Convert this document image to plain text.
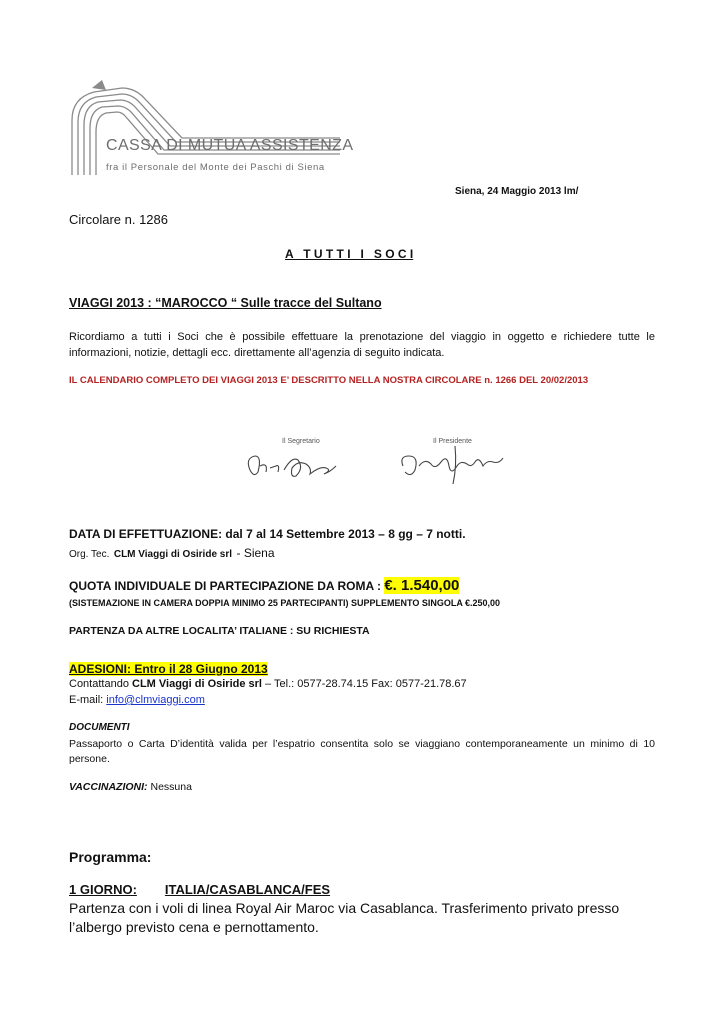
CASSA DI MUTUA ASSISTENZA
fra il Personale del Monte dei Paschi di Siena
Siena, 24 Maggio 2013 lm/
Circolare n. 1286
A   T U T T I   I   S O C I
VIAGGI 2013 : “MAROCCO “ Sulle tracce del Sultano
Ricordiamo a tutti i Soci che è possibile effettuare la prenotazione del viaggio in oggetto e richiedere tutte le informazioni, notizie, dettagli ecc. direttamente all’agenzia di seguito indicata.
IL CALENDARIO COMPLETO DEI VIAGGI 2013 E’ DESCRITTO NELLA NOSTRA CIRCOLARE n. 1266 DEL 20/02/2013
Il Segretario	Il Presidente
DATA DI EFFETTUAZIONE: dal 7 al 14 Settembre 2013 – 8 gg – 7 notti.
Org. Tec. CLM Viaggi di Osiride srl - Siena
QUOTA INDIVIDUALE DI PARTECIPAZIONE DA ROMA : €. 1.540,00
(SISTEMAZIONE IN CAMERA DOPPIA MINIMO 25 PARTECIPANTI) SUPPLEMENTO SINGOLA €.250,00
PARTENZA DA ALTRE LOCALITA’ ITALIANE : SU RICHIESTA
ADESIONI: Entro il 28 Giugno 2013
Contattando CLM Viaggi di Osiride srl – Tel.: 0577-28.74.15 Fax: 0577-21.78.67
E-mail: info@clmviaggi.com
DOCUMENTI
Passaporto o Carta D’identità valida per l’espatrio consentita solo se viaggiano contemporaneamente un minimo di 10 persone.
VACCINAZIONI: Nessuna
Programma:
1 GIORNO: ITALIA/CASABLANCA/FES
Partenza con i voli di linea Royal Air Maroc via Casablanca. Trasferimento privato presso l’albergo previsto cena e pernottamento.
